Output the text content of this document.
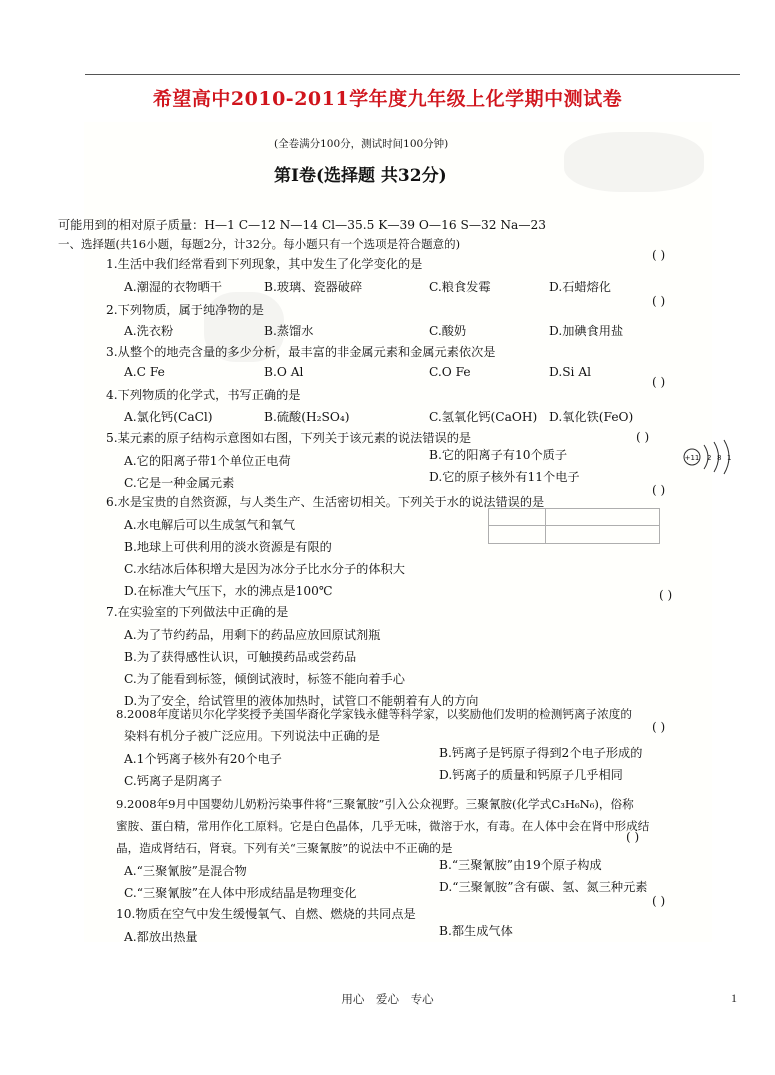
希望高中2010-2011学年度九年级上化学期中测试卷
(全卷满分100分，测试时间100分钟)
第Ⅰ卷(选择题 共32分)
可能用到的相对原子质量：H—1 C—12 N—14 Cl—35.5 K—39 O—16 S—32 Na—23
一、选择题(共16小题，每题2分，计32分。每小题只有一个选项是符合题意的)
1.生活中我们经常看到下列现象，其中发生了化学变化的是
( )
A.潮湿的衣物晒干	B.玻璃、瓷器破碎	C.粮食发霉	D.石蜡熔化
2.下列物质，属于纯净物的是
( )
A.洗衣粉	B.蒸馏水	C.酸奶	D.加碘食用盐
3.从整个的地壳含量的多少分析，最丰富的非金属元素和金属元素依次是
A.C Fe	B.O Al	C.O Fe	D.Si Al
4.下列物质的化学式，书写正确的是
( )
A.氯化钙(CaCl)	B.硫酸(H₂SO₄)	C.氢氧化钙(CaOH) D.氧化铁(FeO)
5.某元素的原子结构示意图如右图，下列关于该元素的说法错误的是	( )
A.它的阳离子带1个单位正电荷	B.它的阳离子有10个质子
C.它是一种金属元素	D.它的原子核外有11个电子
+11 2 8 1
6.水是宝贵的自然资源，与人类生产、生活密切相关。下列关于水的说法错误的是
( )
A.水电解后可以生成氢气和氧气
B.地球上可供利用的淡水资源是有限的
C.水结冰后体积增大是因为冰分子比水分子的体积大
D.在标准大气压下，水的沸点是100℃
7.在实验室的下列做法中正确的是
( )
A.为了节约药品，用剩下的药品应放回原试剂瓶
B.为了获得感性认识，可触摸药品或尝药品
C.为了能看到标签，倾倒试液时，标签不能向着手心
D.为了安全，给试管里的液体加热时，试管口不能朝着有人的方向
8.2008年度诺贝尔化学奖授予美国华裔化学家钱永健等科学家，以奖励他们发明的检测钙离子浓度的
染料有机分子被广泛应用。下列说法中正确的是
( )
A.1个钙离子核外有20个电子	B.钙离子是钙原子得到2个电子形成的
C.钙离子是阴离子	D.钙离子的质量和钙原子几乎相同
9.2008年9月中国婴幼儿奶粉污染事件将“三聚氰胺”引入公众视野。三聚氰胺(化学式C₃H₆N₆)，俗称
蜜胺、蛋白精，常用作化工原料。它是白色晶体，几乎无味，微溶于水，有毒。在人体中会在肾中形成结
晶，造成肾结石，肾衰。下列有关“三聚氰胺”的说法中不正确的是
( )
A.“三聚氰胺”是混合物	B.“三聚氰胺”由19个原子构成
C.“三聚氰胺”在人体中形成结晶是物理变化	D.“三聚氰胺”含有碳、氢、氮三种元素
10.物质在空气中发生缓慢氧气、自燃、燃烧的共同点是
( )
A.都放出热量	B.都生成气体
用心 爱心 专心	1
